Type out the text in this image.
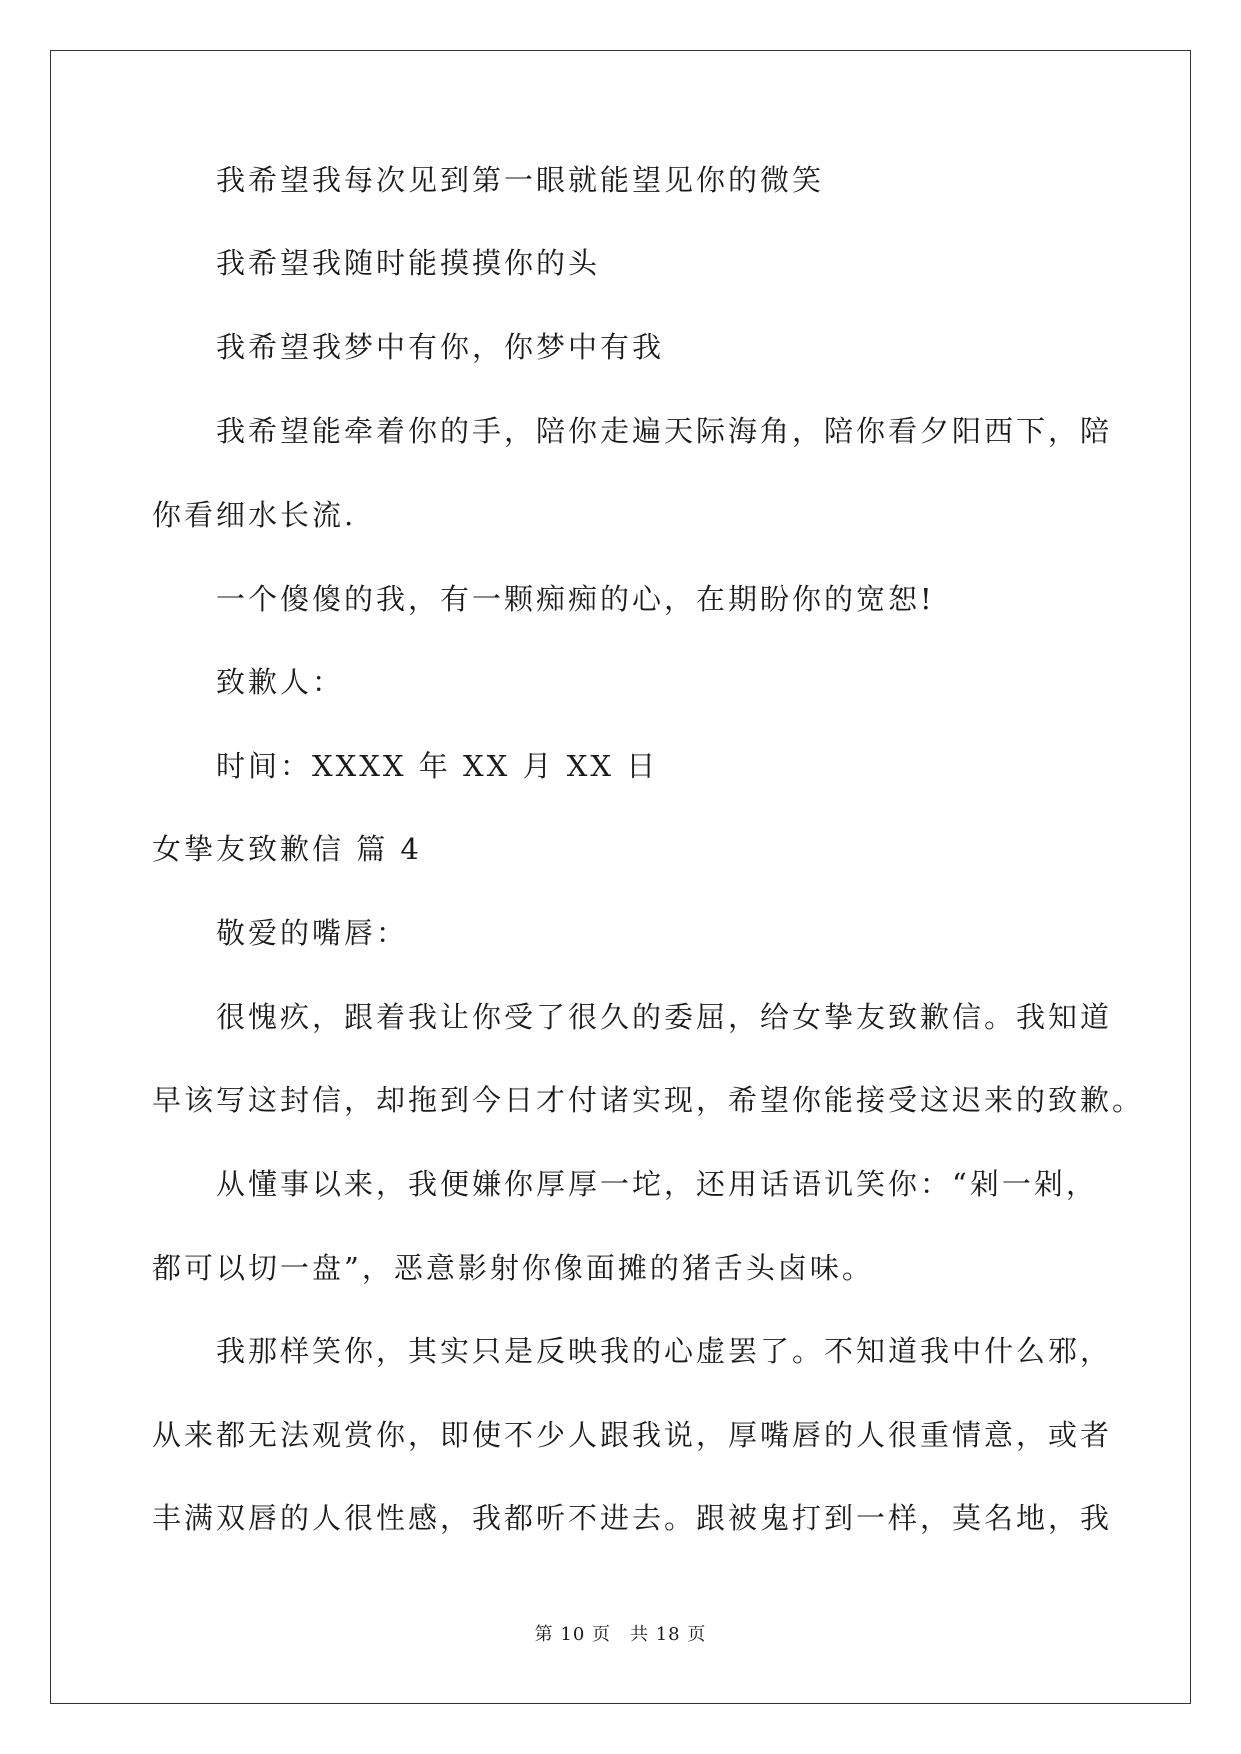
我希望我每次见到第一眼就能望见你的微笑
我希望我随时能摸摸你的头
我希望我梦中有你，你梦中有我
我希望能牵着你的手，陪你走遍天际海角，陪你看夕阳西下，陪
你看细水长流.
一个傻傻的我，有一颗痴痴的心，在期盼你的宽恕!
致歉人：
时间：XXXX 年 XX 月 XX 日
女挚友致歉信 篇 4
敬爱的嘴唇：
很愧疚，跟着我让你受了很久的委屈，给女挚友致歉信。我知道
早该写这封信，却拖到今日才付诸实现，希望你能接受这迟来的致歉。
从懂事以来，我便嫌你厚厚一坨，还用话语讥笑你：“剁一剁，
都可以切一盘”，恶意影射你像面摊的猪舌头卤味。
我那样笑你，其实只是反映我的心虚罢了。不知道我中什么邪，
从来都无法观赏你，即使不少人跟我说，厚嘴唇的人很重情意，或者
丰满双唇的人很性感，我都听不进去。跟被鬼打到一样，莫名地，我
第 10 页　共 18 页
